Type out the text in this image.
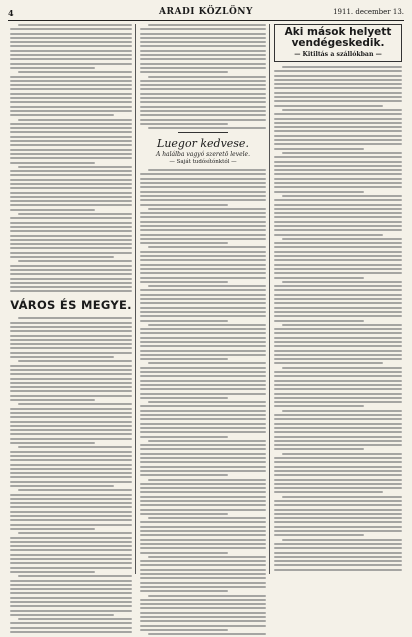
4	ARADI KÖZLÖNY	1911. december 13.
VÁROS ÉS MEGYE.
Luegor kedvese.
A halálba vagyó szeretö levele.
— Saját tudósítónktól —
Aki mások helyett vendégeskedik.
— Kitiltás a szállókban —
